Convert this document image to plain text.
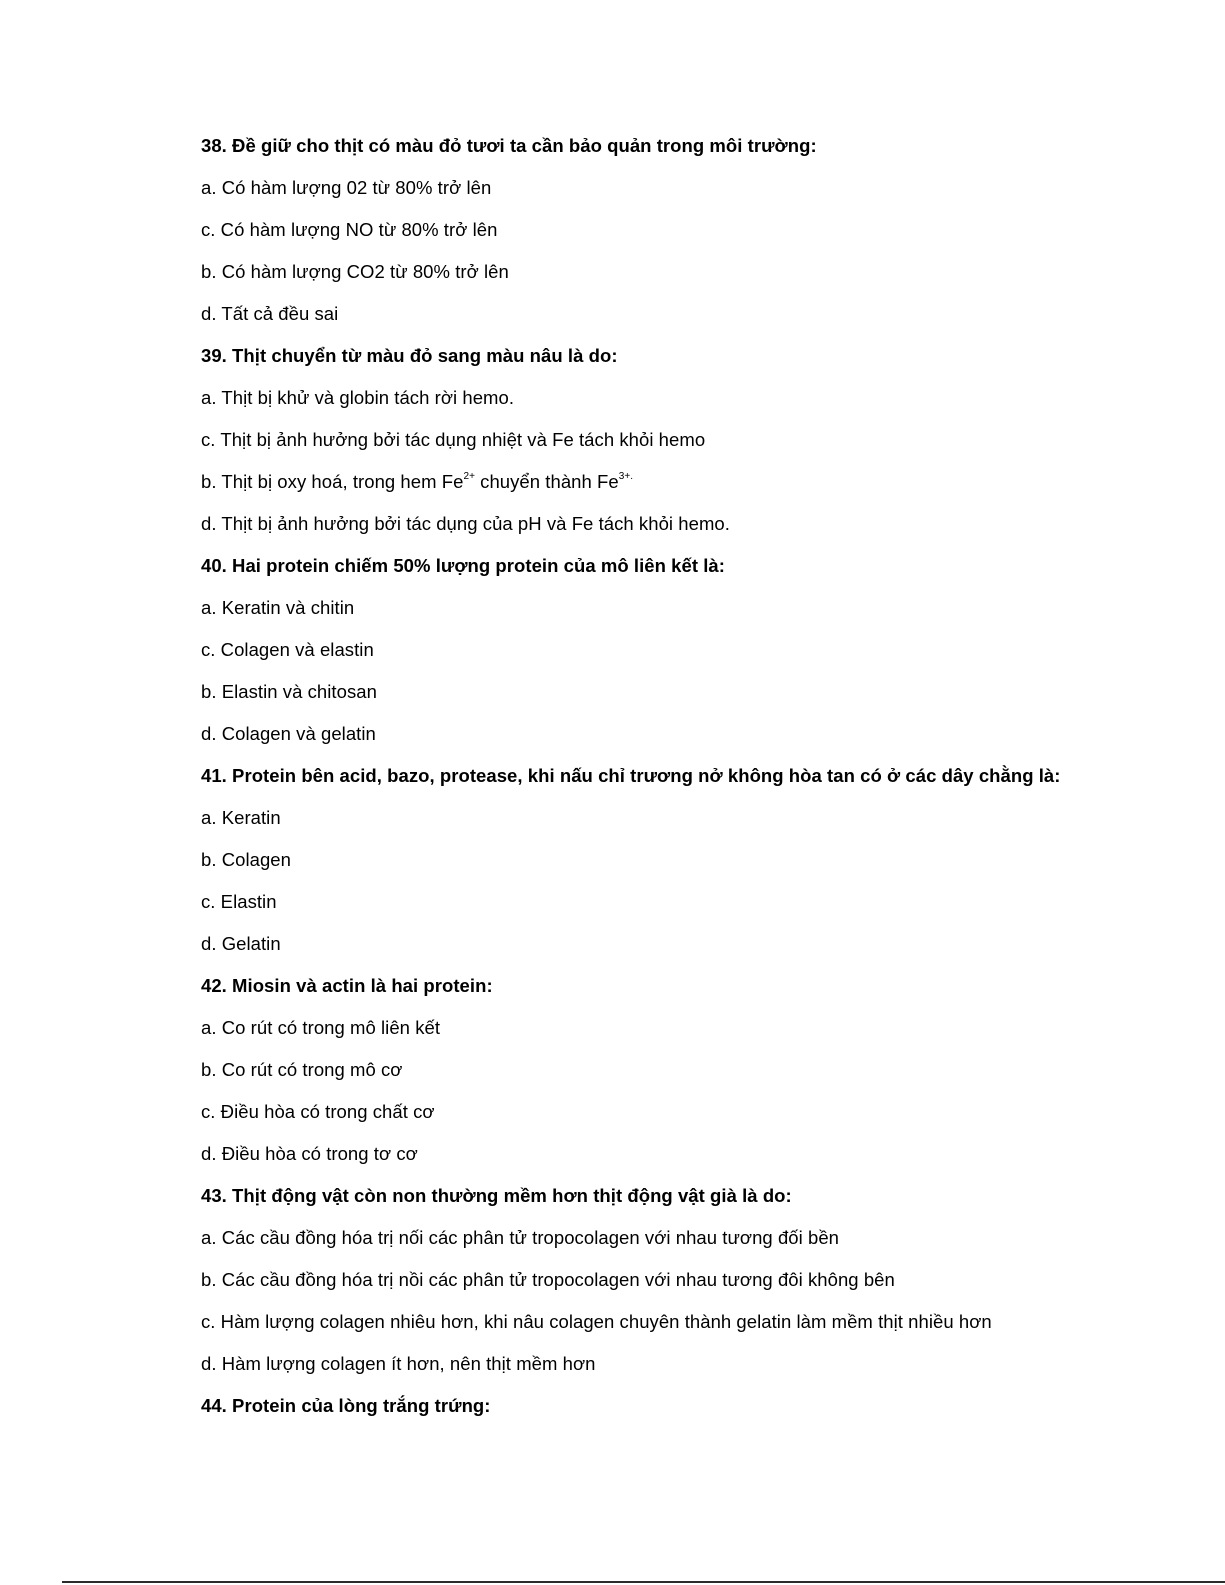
38. Đề giữ cho thịt có màu đỏ tươi ta cần bảo quản trong môi trường:
a. Có hàm lượng 02 từ 80% trở lên
c. Có hàm lượng NO từ 80% trở lên
b. Có hàm lượng CO2 từ 80% trở lên
d. Tất cả đều sai
39. Thịt chuyển từ màu đỏ sang màu nâu là do:
a. Thịt bị khử và globin tách rời hemo.
c. Thịt bị ảnh hưởng bởi tác dụng nhiệt và Fe tách khỏi hemo
b. Thịt bị oxy hoá, trong hem $Fe^{2+}$ chuyển thành $Fe^{3+.}$
d. Thịt bị ảnh hưởng bởi tác dụng của pH và Fe tách khỏi hemo.
40. Hai protein chiếm 50% lượng protein của mô liên kết là:
a. Keratin và chitin
c. Colagen và elastin
b. Elastin và chitosan
d. Colagen và gelatin
41. Protein bên acid, bazo, protease, khi nấu chỉ trương nở không hòa tan có ở các dây chằng là:
a. Keratin
b. Colagen
c. Elastin
d. Gelatin
42. Miosin và actin là hai protein:
a. Co rút có trong mô liên kết
b. Co rút có trong mô cơ
c. Điều hòa có trong chất cơ
d. Điều hòa có trong tơ cơ
43. Thịt động vật còn non thường mềm hơn thịt động vật già là do:
a. Các cầu đồng hóa trị nối các phân tử tropocolagen với nhau tương đối bền
b. Các cầu đồng hóa trị nồi các phân tử tropocolagen với nhau tương đôi không bên
c. Hàm lượng colagen nhiêu hơn, khi nâu colagen chuyên thành gelatin làm mềm thịt nhiều hơn
d. Hàm lượng colagen ít hơn, nên thịt mềm hơn
44. Protein của lòng trắng trứng:
